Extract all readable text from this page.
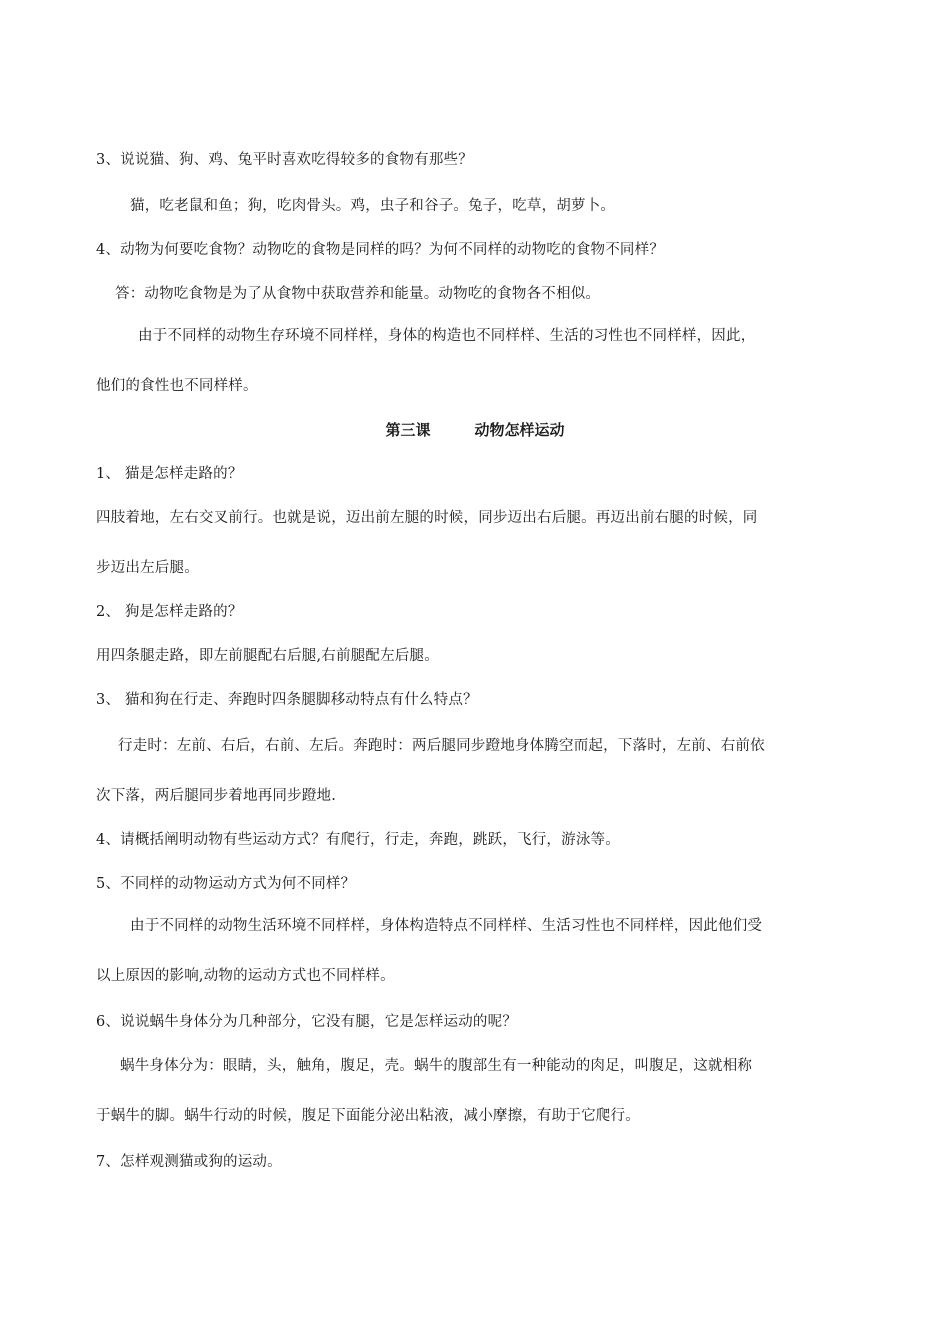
3、说说猫、狗、鸡、兔平时喜欢吃得较多的食物有那些？
猫，吃老鼠和鱼；狗，吃肉骨头。鸡，虫子和谷子。兔子，吃草，胡萝卜。
4、动物为何要吃食物？动物吃的食物是同样的吗？为何不同样的动物吃的食物不同样？
答：动物吃食物是为了从食物中获取营养和能量。动物吃的食物各不相似。
由于不同样的动物生存环境不同样样，身体的构造也不同样样、生活的习性也不同样样，因此，
他们的食性也不同样样。
第三课	动物怎样运动
1、 猫是怎样走路的？
四肢着地，左右交叉前行。也就是说，迈出前左腿的时候，同步迈出右后腿。再迈出前右腿的时候，同
步迈出左后腿。
2、 狗是怎样走路的？
用四条腿走路，即左前腿配右后腿,右前腿配左后腿。
3、 猫和狗在行走、奔跑时四条腿脚移动特点有什么特点？
行走时：左前、右后，右前、左后。奔跑时：两后腿同步蹬地身体腾空而起，下落时，左前、右前依
次下落，两后腿同步着地再同步蹬地.
4、请概括阐明动物有些运动方式？有爬行，行走，奔跑，跳跃，飞行，游泳等。
5、不同样的动物运动方式为何不同样？
由于不同样的动物生活环境不同样样，身体构造特点不同样样、生活习性也不同样样，因此他们受
以上原因的影响,动物的运动方式也不同样样。
6、说说蜗牛身体分为几种部分，它没有腿，它是怎样运动的呢？
蜗牛身体分为：眼睛，头，触角，腹足，壳。蜗牛的腹部生有一种能动的肉足，叫腹足，这就相称
于蜗牛的脚。蜗牛行动的时候，腹足下面能分泌出粘液，减小摩擦，有助于它爬行。
7、怎样观测猫或狗的运动。
